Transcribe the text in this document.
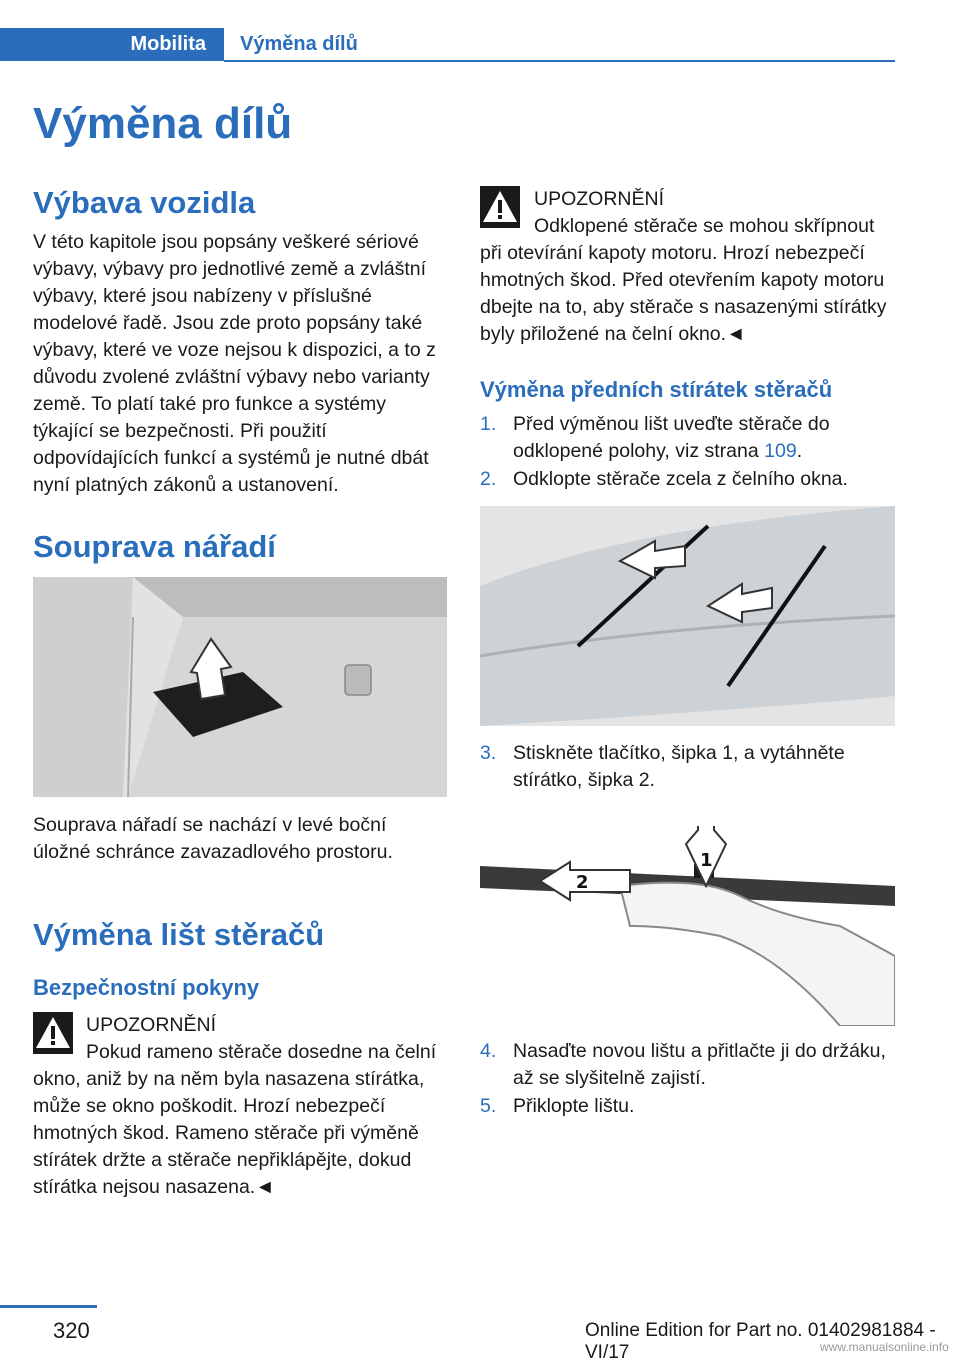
Mobilita	Výměna dílů
Výměna dílů
Výbava vozidla
V této kapitole jsou popsány veškeré sériové výbavy, výbavy pro jednotlivé země a zvláštní výbavy, které jsou nabízeny v příslušné modelové řadě. Jsou zde proto popsány také výbavy, které ve voze nejsou k dispozici, a to z důvodu zvolené zvláštní výbavy nebo varianty země. To platí také pro funkce a systémy týkající se bezpečnosti. Při použití odpovídajících funkcí a systémů je nutné dbát nyní platných zákonů a ustanovení.
Souprava nářadí
Souprava nářadí se nachází v levé boční úložné schránce zavazadlového prostoru.
Výměna lišt stěračů
Bezpečnostní pokyny
UPOZORNĚNÍ
Pokud rameno stěrače dosedne na čelní okno, aniž by na něm byla nasazena stírátka, může se okno poškodit. Hrozí nebezpečí hmotných škod. Rameno stěrače při výměně stírátek držte a stěrače nepřiklápějte, dokud stírátka nejsou nasazena.◄
UPOZORNĚNÍ
Odklopené stěrače se mohou skřípnout při otevírání kapoty motoru. Hrozí nebezpečí hmotných škod. Před otevřením kapoty motoru dbejte na to, aby stěrače s nasazenými stírátky byly přiložené na čelní okno.◄
Výměna předních stírátek stěračů
1. Před výměnou lišt uveďte stěrače do odklopené polohy, viz strana 109.
2. Odklopte stěrače zcela z čelního okna.
3. Stiskněte tlačítko, šipka 1, a vytáhněte stírátko, šipka 2.
1
2
4. Nasaďte novou lištu a přitlačte ji do držáku, až se slyšitelně zajistí.
5. Přiklopte lištu.
320	Online Edition for Part no. 01402981884 - VI/17	www.manualsonline.info
